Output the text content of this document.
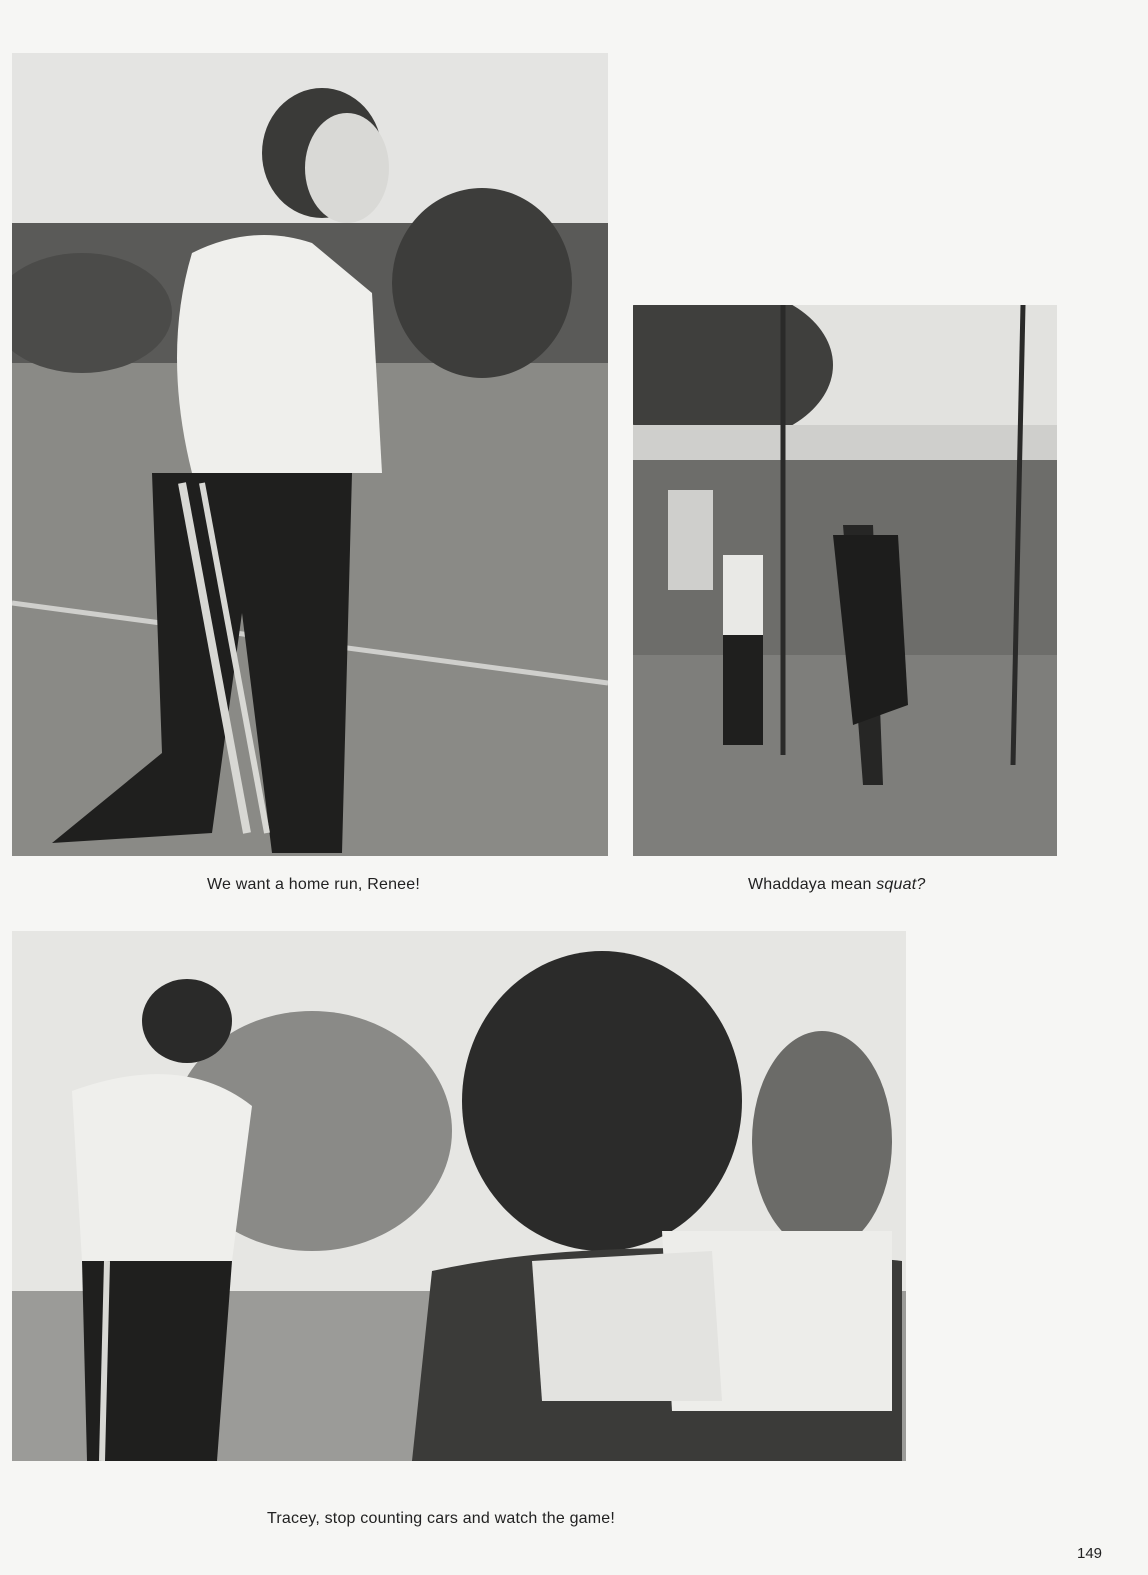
We want a home run, Renee!	Whaddaya mean squat?
Tracey, stop counting cars and watch the game!
149
